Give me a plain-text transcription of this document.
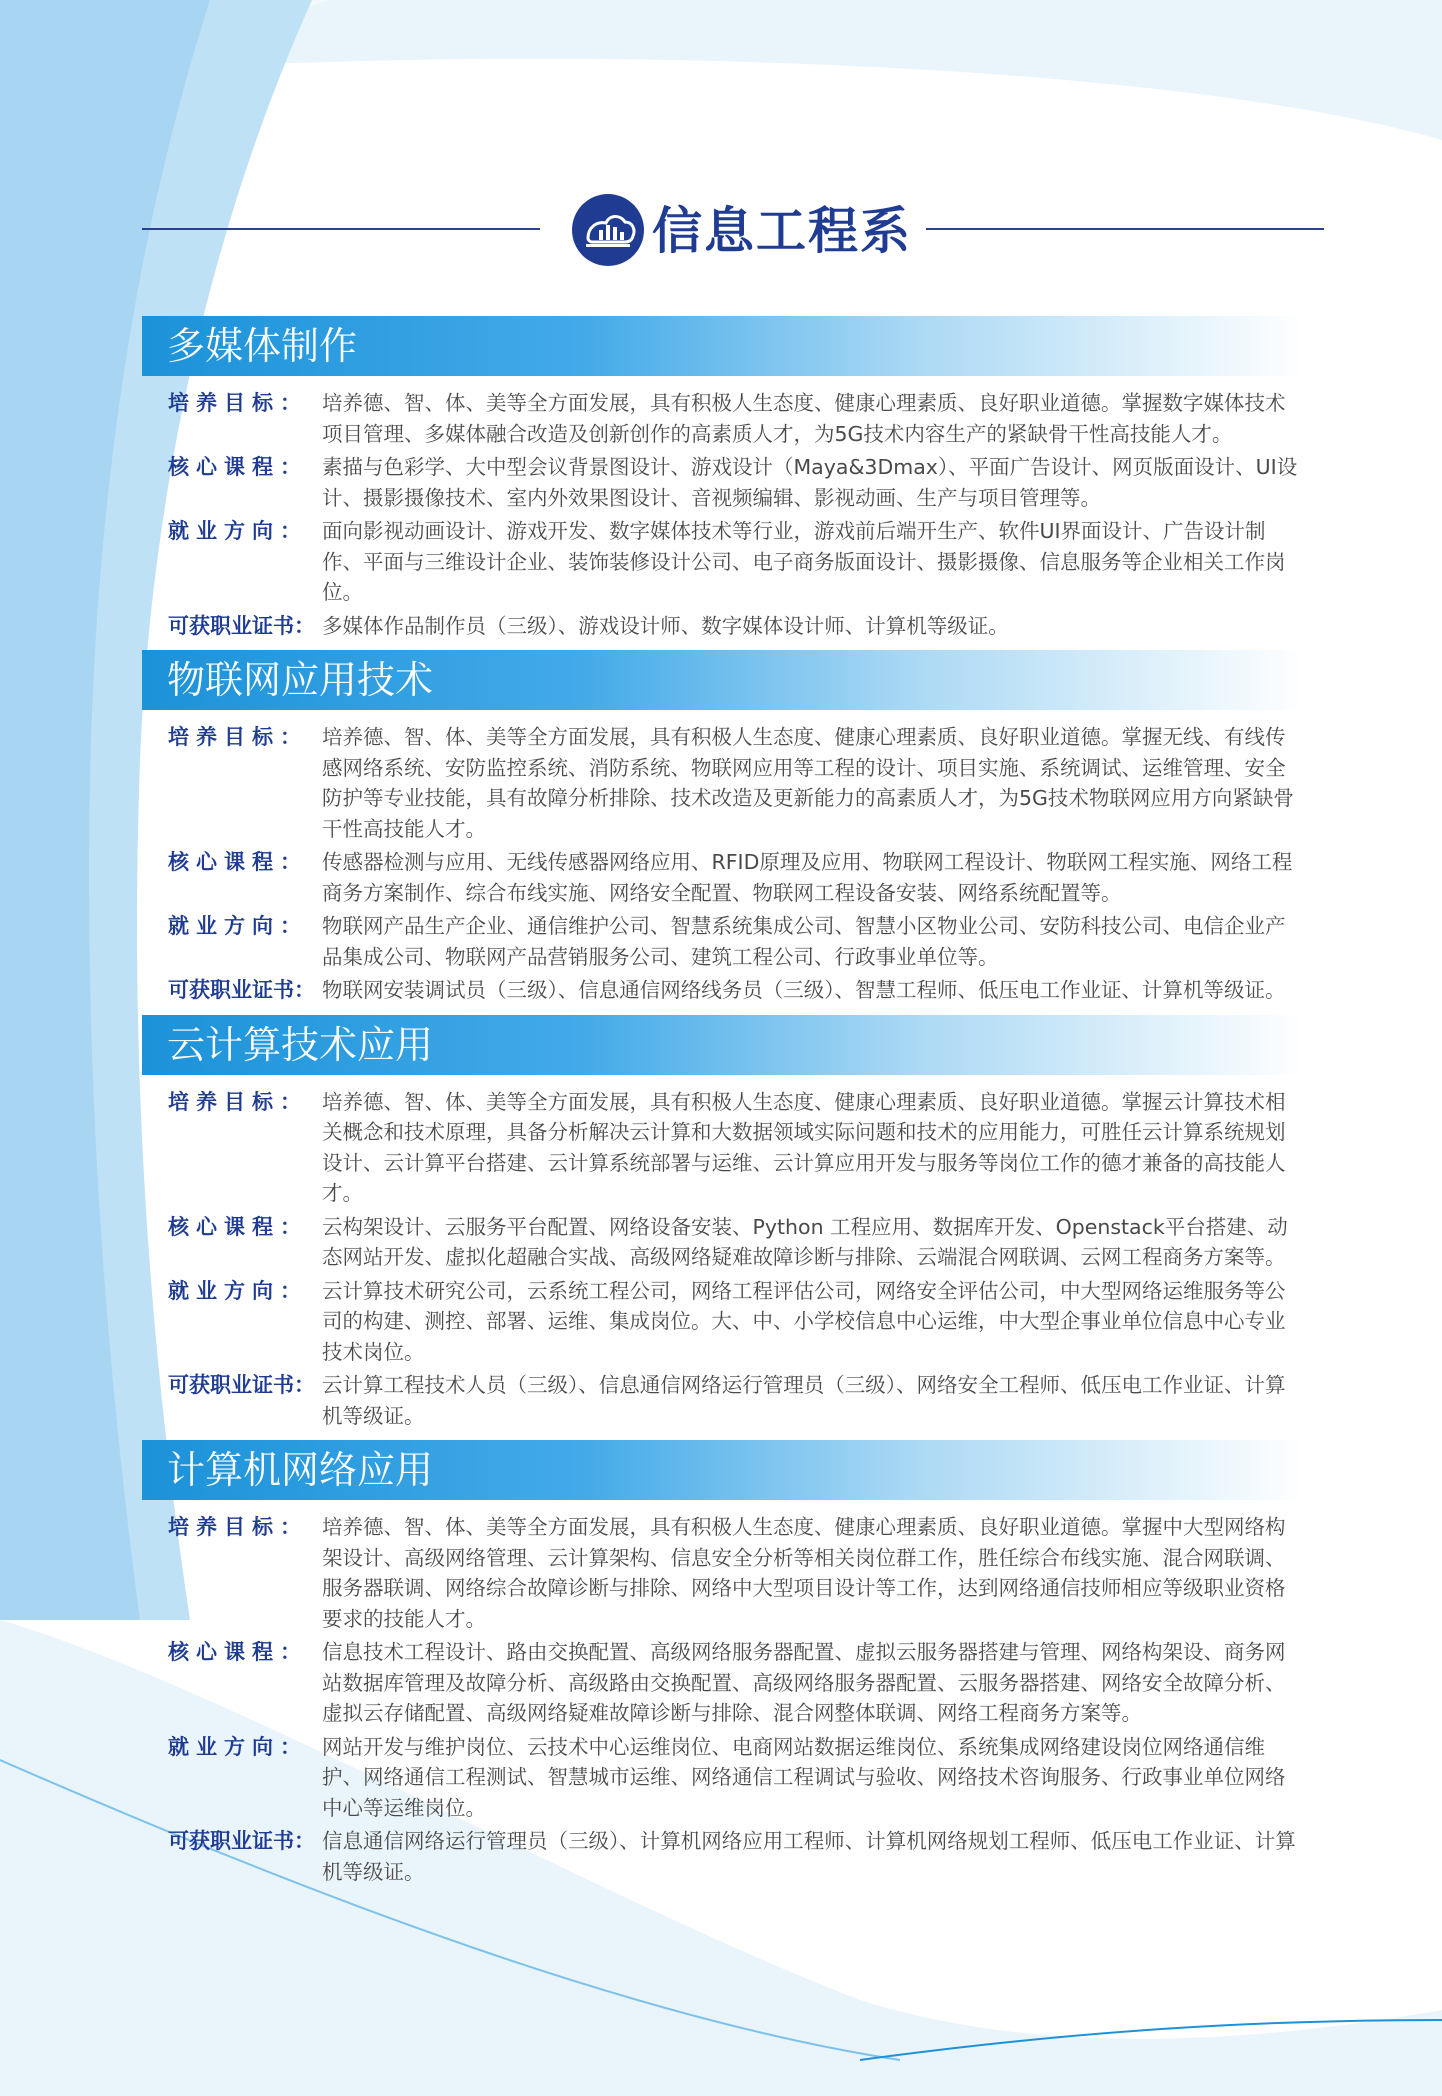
信息工程系
多媒体制作
培养目标：	培养德、智、体、美等全方面发展，具有积极人生态度、健康心理素质、良好职业道德。掌握数字媒体技术项目管理、多媒体融合改造及创新创作的高素质人才，为5G技术内容生产的紧缺骨干性高技能人才。
核心课程：	素描与色彩学、大中型会议背景图设计、游戏设计（Maya&3Dmax）、平面广告设计、网页版面设计、UI设计、摄影摄像技术、室内外效果图设计、音视频编辑、影视动画、生产与项目管理等。
就业方向：	面向影视动画设计、游戏开发、数字媒体技术等行业，游戏前后端开生产、软件UI界面设计、广告设计制作、平面与三维设计企业、装饰装修设计公司、电子商务版面设计、摄影摄像、信息服务等企业相关工作岗位。
可获职业证书： 多媒体作品制作员（三级）、游戏设计师、数字媒体设计师、计算机等级证。
物联网应用技术
培养目标：	培养德、智、体、美等全方面发展，具有积极人生态度、健康心理素质、良好职业道德。掌握无线、有线传感网络系统、安防监控系统、消防系统、物联网应用等工程的设计、项目实施、系统调试、运维管理、安全防护等专业技能，具有故障分析排除、技术改造及更新能力的高素质人才，为5G技术物联网应用方向紧缺骨干性高技能人才。
核心课程：	传感器检测与应用、无线传感器网络应用、RFID原理及应用、物联网工程设计、物联网工程实施、网络工程商务方案制作、综合布线实施、网络安全配置、物联网工程设备安装、网络系统配置等。
就业方向：	物联网产品生产企业、通信维护公司、智慧系统集成公司、智慧小区物业公司、安防科技公司、电信企业产品集成公司、物联网产品营销服务公司、建筑工程公司、行政事业单位等。
可获职业证书： 物联网安装调试员（三级）、信息通信网络线务员（三级）、智慧工程师、低压电工作业证、计算机等级证。
云计算技术应用
培养目标：	培养德、智、体、美等全方面发展，具有积极人生态度、健康心理素质、良好职业道德。掌握云计算技术相关概念和技术原理，具备分析解决云计算和大数据领域实际问题和技术的应用能力，可胜任云计算系统规划设计、云计算平台搭建、云计算系统部署与运维、云计算应用开发与服务等岗位工作的德才兼备的高技能人才。
核心课程：	云构架设计、云服务平台配置、网络设备安装、Python 工程应用、数据库开发、Openstack平台搭建、动态网站开发、虚拟化超融合实战、高级网络疑难故障诊断与排除、云端混合网联调、云网工程商务方案等。
就业方向：	云计算技术研究公司，云系统工程公司，网络工程评估公司，网络安全评估公司，中大型网络运维服务等公司的构建、测控、部署、运维、集成岗位。大、中、小学校信息中心运维，中大型企事业单位信息中心专业技术岗位。
可获职业证书： 云计算工程技术人员（三级）、信息通信网络运行管理员（三级）、网络安全工程师、低压电工作业证、计算机等级证。
计算机网络应用
培养目标：	培养德、智、体、美等全方面发展，具有积极人生态度、健康心理素质、良好职业道德。掌握中大型网络构架设计、高级网络管理、云计算架构、信息安全分析等相关岗位群工作，胜任综合布线实施、混合网联调、服务器联调、网络综合故障诊断与排除、网络中大型项目设计等工作，达到网络通信技师相应等级职业资格要求的技能人才。
核心课程：	信息技术工程设计、路由交换配置、高级网络服务器配置、虚拟云服务器搭建与管理、网络构架设、商务网站数据库管理及故障分析、高级路由交换配置、高级网络服务器配置、云服务器搭建、网络安全故障分析、虚拟云存储配置、高级网络疑难故障诊断与排除、混合网整体联调、网络工程商务方案等。
就业方向：	网站开发与维护岗位、云技术中心运维岗位、电商网站数据运维岗位、系统集成网络建设岗位网络通信维护、网络通信工程测试、智慧城市运维、网络通信工程调试与验收、网络技术咨询服务、行政事业单位网络中心等运维岗位。
可获职业证书： 信息通信网络运行管理员（三级）、计算机网络应用工程师、计算机网络规划工程师、低压电工作业证、计算机等级证。
